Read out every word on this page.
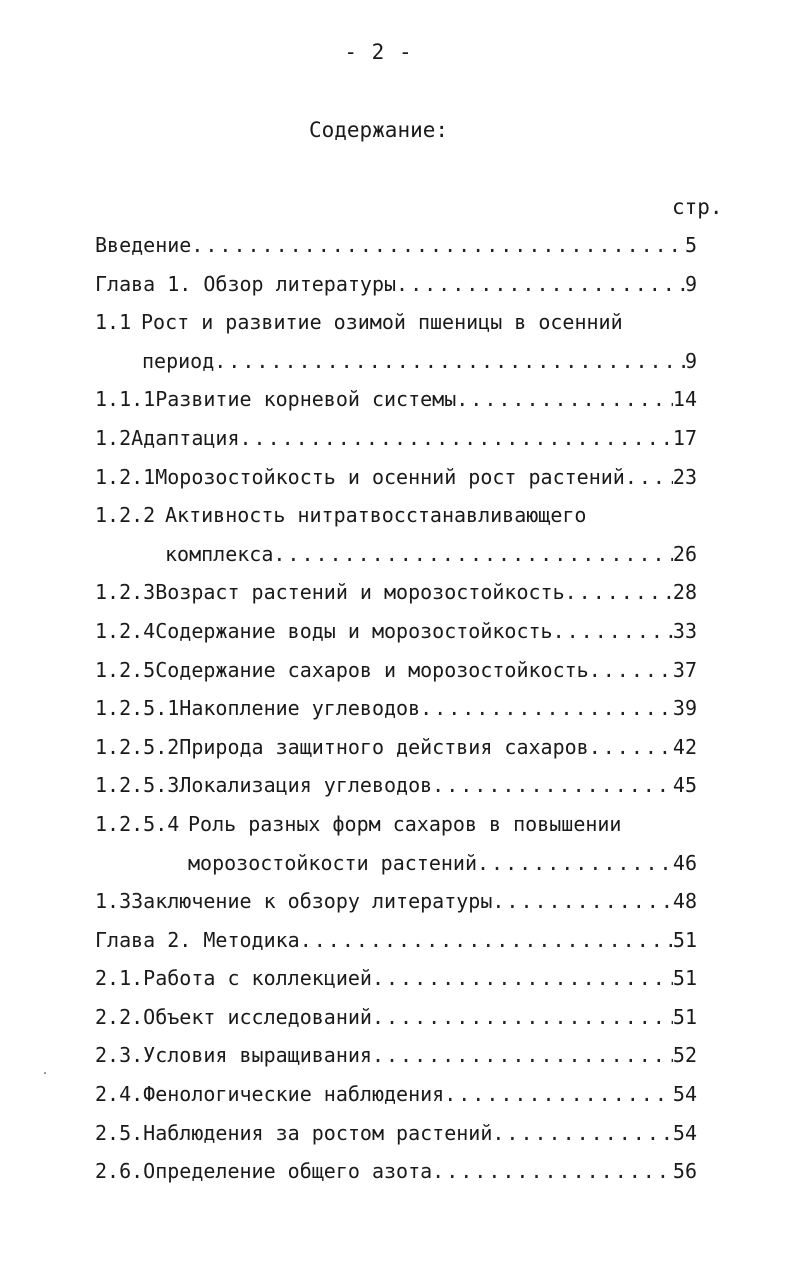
- 2 -
Содержание:
стр.
Введение .....	5
Глава 1. Обзор литературы .....	9
1.1 Рост и развитие озимой пшеницы в осенний
период .....	9
1.1.1 Развитие корневой системы .....	14
1.2 Адаптация .....	17
1.2.1 Морозостойкость и осенний рост растений ..... 23
1.2.2 Активность нитратвосстанавливающего
комплекса .....	26
1.2.3 Возраст растений и морозостойкость .....	28
1.2.4 Содержание воды и морозостойкость .....	33
1.2.5 Содержание сахаров и морозостойкость .....	37
1.2.5.1 Накопление углеводов .....	39
1.2.5.2 Природа защитного действия сахаров .....	42
1.2.5.3 Локализация углеводов .....	45
1.2.5.4 Роль разных форм сахаров в повышении
морозостойкости растений .....	46
1.3 Заключение к обзору литературы .....	48
Глава 2. Методика .....	51
2.1. Работа с коллекцией .....	51
2.2. Объект исследований .....	51
2.3. Условия выращивания .....	52
2.4. Фенологические наблюдения .....	54
2.5. Наблюдения за ростом растений .....	54
2.6. Определение общего азота .....	56
